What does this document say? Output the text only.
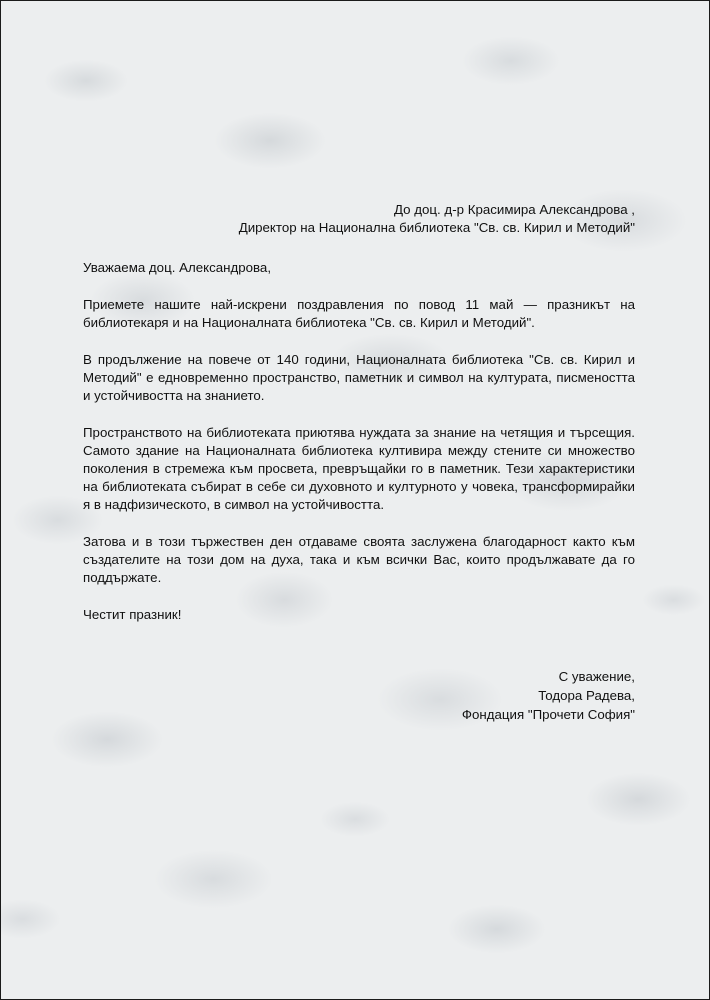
До доц. д-р Красимира Александрова ,
Директор на Национална библиотека "Св. св. Кирил и Методий"

Уважаема доц. Александрова,

Приемете нашите най-искрени поздравления по повод 11 май — празникът на библиотекаря и на Националната библиотека "Св. св. Кирил и Методий".

В продължение на повече от 140 години, Националната библиотека "Св. св. Кирил и Методий" е едновременно пространство, паметник и символ на културата, писмеността и устойчивостта на знанието.

Пространството на библиотеката приютява нуждата за знание на четящия и търсещия. Самото здание на Националната библиотека култивира между стените си множество поколения в стремежа към просвета, превръщайки го в паметник. Тези характеристики на библиотеката събират в себе си духовното и културното у човека, трансформирайки я в надфизическото, в символ на устойчивостта.

Затова и в този тържествен ден отдаваме своята заслужена благодарност както към създателите на този дом на духа, така и към всички Вас, които продължавате да го поддържате.

Честит празник!

С уважение,
Тодора Радева,
Фондация "Прочети София"
